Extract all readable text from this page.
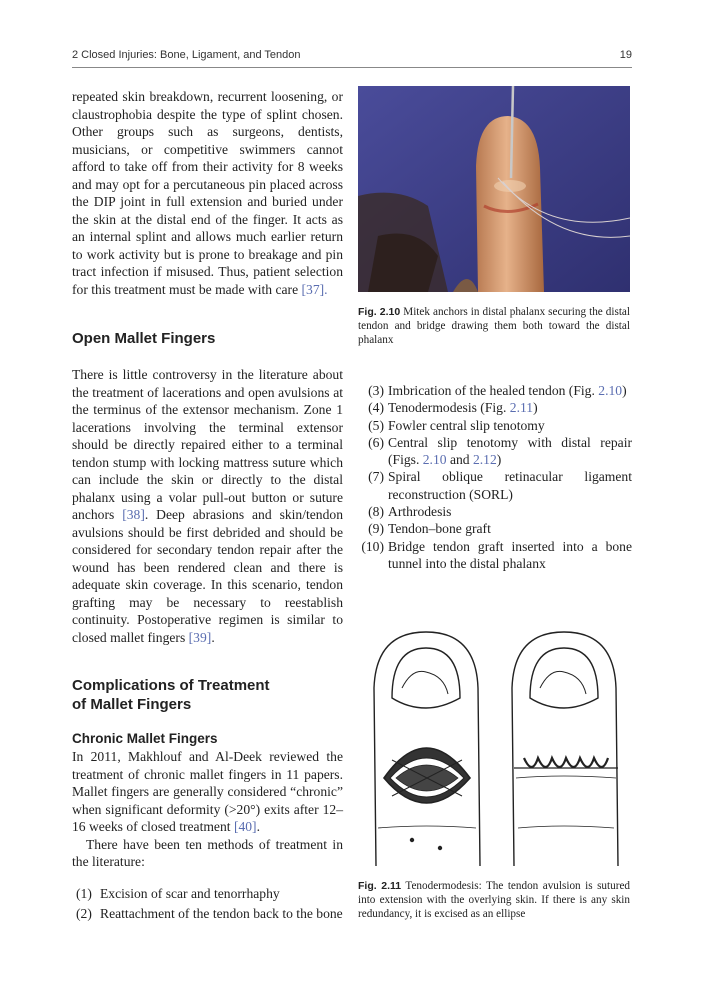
2 Closed Injuries: Bone, Ligament, and Tendon	19

repeated skin breakdown, recurrent loosening, or claustrophobia despite the type of splint chosen. Other groups such as surgeons, dentists, musicians, or competitive swimmers cannot afford to take off from their activity for 8 weeks and may opt for a percutaneous pin placed across the DIP joint in full extension and buried under the skin at the distal end of the finger. It acts as an internal splint and allows much earlier return to work activity but is prone to breakage and pin tract infection if misused. Thus, patient selection for this treatment must be made with care [37].

Open Mallet Fingers

There is little controversy in the literature about the treatment of lacerations and open avulsions at the terminus of the extensor mechanism. Zone 1 lacerations involving the terminal extensor should be directly repaired either to a terminal tendon stump with locking mattress suture which can include the skin or directly to the distal phalanx using a volar pull-out button or suture anchors [38]. Deep abrasions and skin/tendon avulsions should be first debrided and should be considered for secondary tendon repair after the wound has been rendered clean and there is adequate skin coverage. In this scenario, tendon grafting may be necessary to reestablish continuity. Postoperative regimen is similar to closed mallet fingers [39].

Complications of Treatment
of Mallet Fingers
Chronic Mallet Fingers

In 2011, Makhlouf and Al-Deek reviewed the treatment of chronic mallet fingers in 11 papers. Mallet fingers are generally considered “chronic” when significant deformity (>20°) exits after 12–16 weeks of closed treatment [40].

There have been ten methods of treatment in the literature:

(1) Excision of scar and tenorrhaphy
(2) Reattachment of the tendon back to the bone
Fig. 2.10 Mitek anchors in distal phalanx securing the distal tendon and bridge drawing them both toward the distal phalanx
(3) Imbrication of the healed tendon (Fig. 2.10)
(4) Tenodermodesis (Fig. 2.11)
(5) Fowler central slip tenotomy
(6) Central slip tenotomy with distal repair (Figs. 2.10 and 2.12)
(7) Spiral oblique retinacular ligament reconstruction (SORL)
(8) Arthrodesis
(9) Tendon–bone graft
(10) Bridge tendon graft inserted into a bone tunnel into the distal phalanx
Fig. 2.11 Tenodermodesis: The tendon avulsion is sutured into extension with the overlying skin. If there is any skin redundancy, it is excised as an ellipse
